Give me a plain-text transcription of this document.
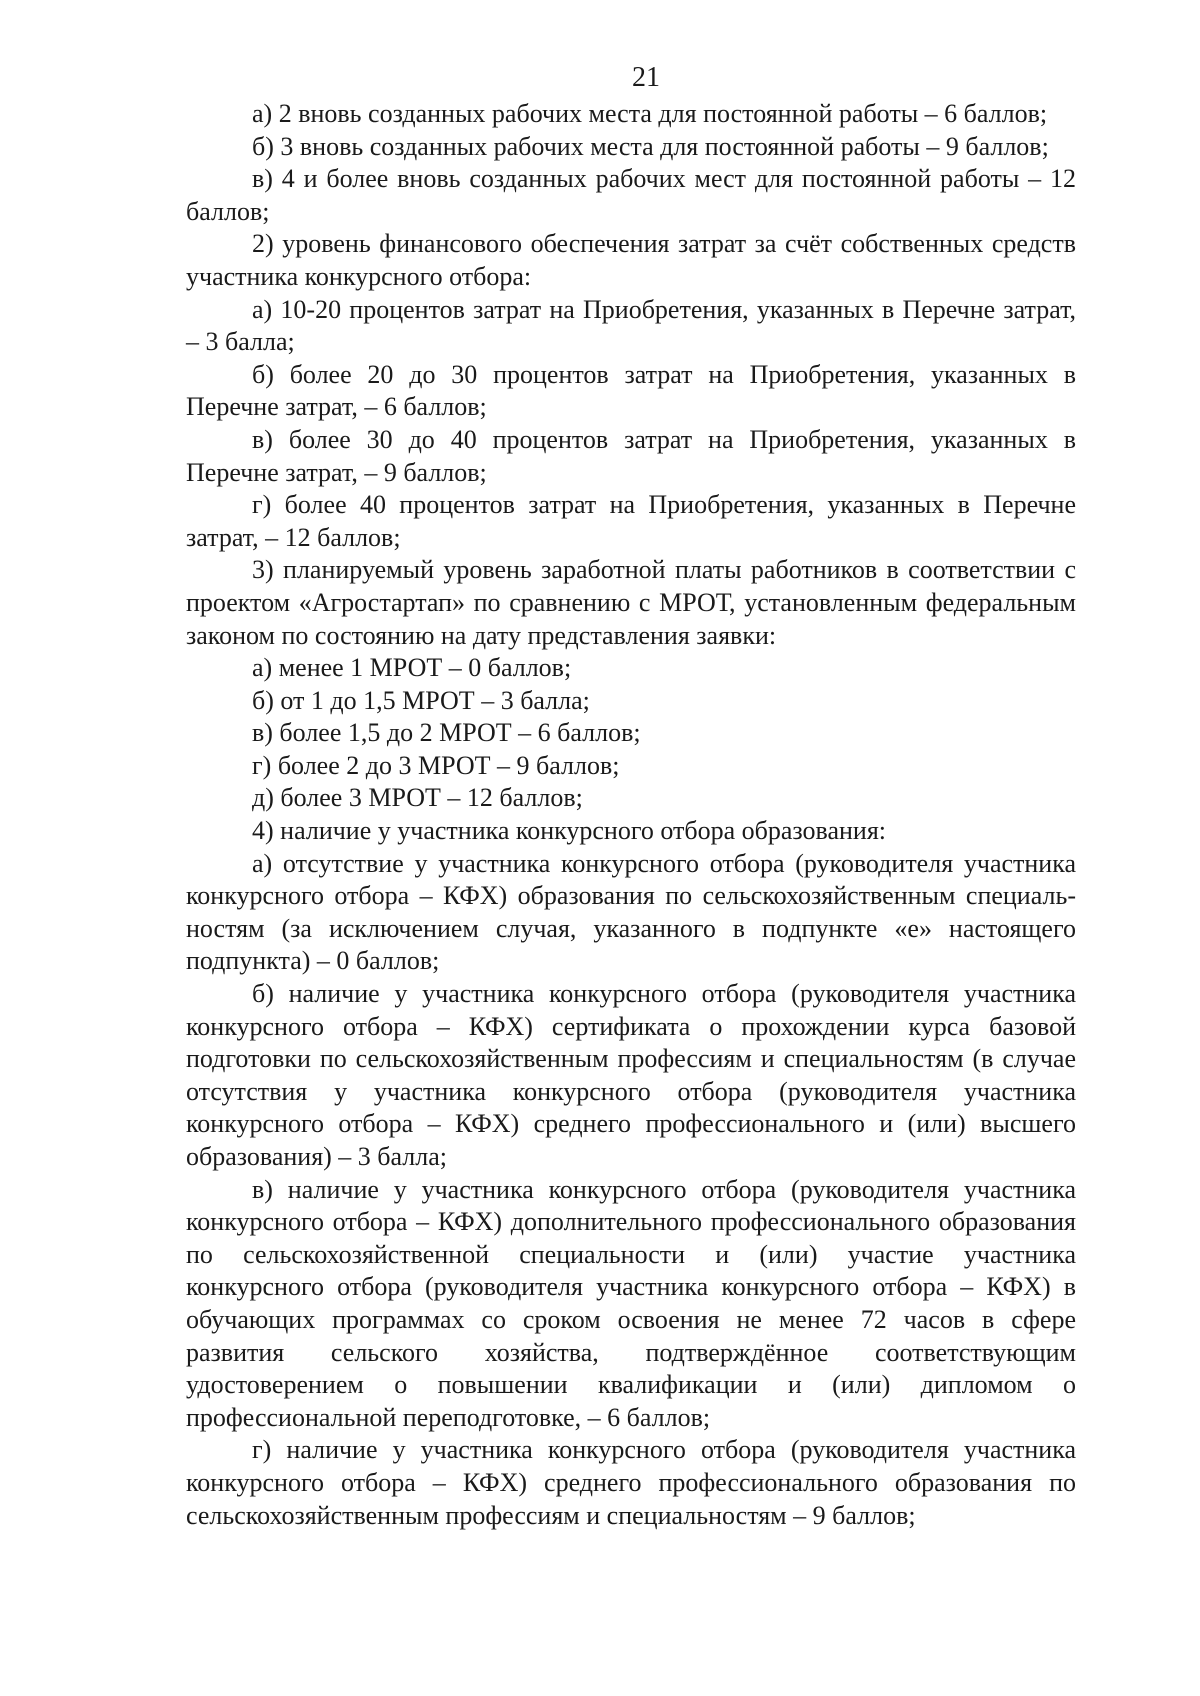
21

а) 2 вновь созданных рабочих места для постоянной работы – 6 баллов;

б) 3 вновь созданных рабочих места для постоянной работы – 9 баллов;

в) 4 и более вновь созданных рабочих мест для постоянной работы – 12 баллов;

2) уровень финансового обеспечения затрат за счёт собственных средств участника конкурсного отбора:

а) 10-20 процентов затрат на Приобретения, указанных в Перечне затрат, – 3 балла;

б) более 20 до 30 процентов затрат на Приобретения, указанных в Перечне затрат, – 6 баллов;

в) более 30 до 40 процентов затрат на Приобретения, указанных в Перечне затрат, – 9 баллов;

г) более 40 процентов затрат на Приобретения, указанных в Перечне затрат, – 12 баллов;

3) планируемый уровень заработной платы работников в соответствии с проектом «Агростартап» по сравнению с МРОТ, установленным федеральным законом по состоянию на дату представления заявки:

а) менее 1 МРОТ – 0 баллов;

б) от 1 до 1,5 МРОТ – 3 балла;

в) более 1,5 до 2 МРОТ – 6 баллов;

г) более 2 до 3 МРОТ – 9 баллов;

д) более 3 МРОТ – 12 баллов;

4) наличие у участника конкурсного отбора образования:

а) отсутствие у участника конкурсного отбора (руководителя участника конкурсного отбора – КФХ) образования по сельскохозяйственным специальностям (за исключением случая, указанного в подпункте «е» настоящего подпункта) – 0 баллов;

б) наличие у участника конкурсного отбора (руководителя участника конкурсного отбора – КФХ) сертификата о прохождении курса базовой подготовки по сельскохозяйственным профессиям и специальностям (в случае отсутствия у участника конкурсного отбора (руководителя участника конкурсного отбора – КФХ) среднего профессионального и (или) высшего образования) – 3 балла;

в) наличие у участника конкурсного отбора (руководителя участника конкурсного отбора – КФХ) дополнительного профессионального образования по сельскохозяйственной специальности и (или) участие участника конкурсного отбора (руководителя участника конкурсного отбора – КФХ) в обучающих программах со сроком освоения не менее 72 часов в сфере развития сельского хозяйства, подтверждённое соответствующим удостоверением о повышении квалификации и (или) дипломом о профессиональной переподготовке, – 6 баллов;

г) наличие у участника конкурсного отбора (руководителя участника конкурсного отбора – КФХ) среднего профессионального образования по сельскохозяйственным профессиям и специальностям – 9 баллов;
